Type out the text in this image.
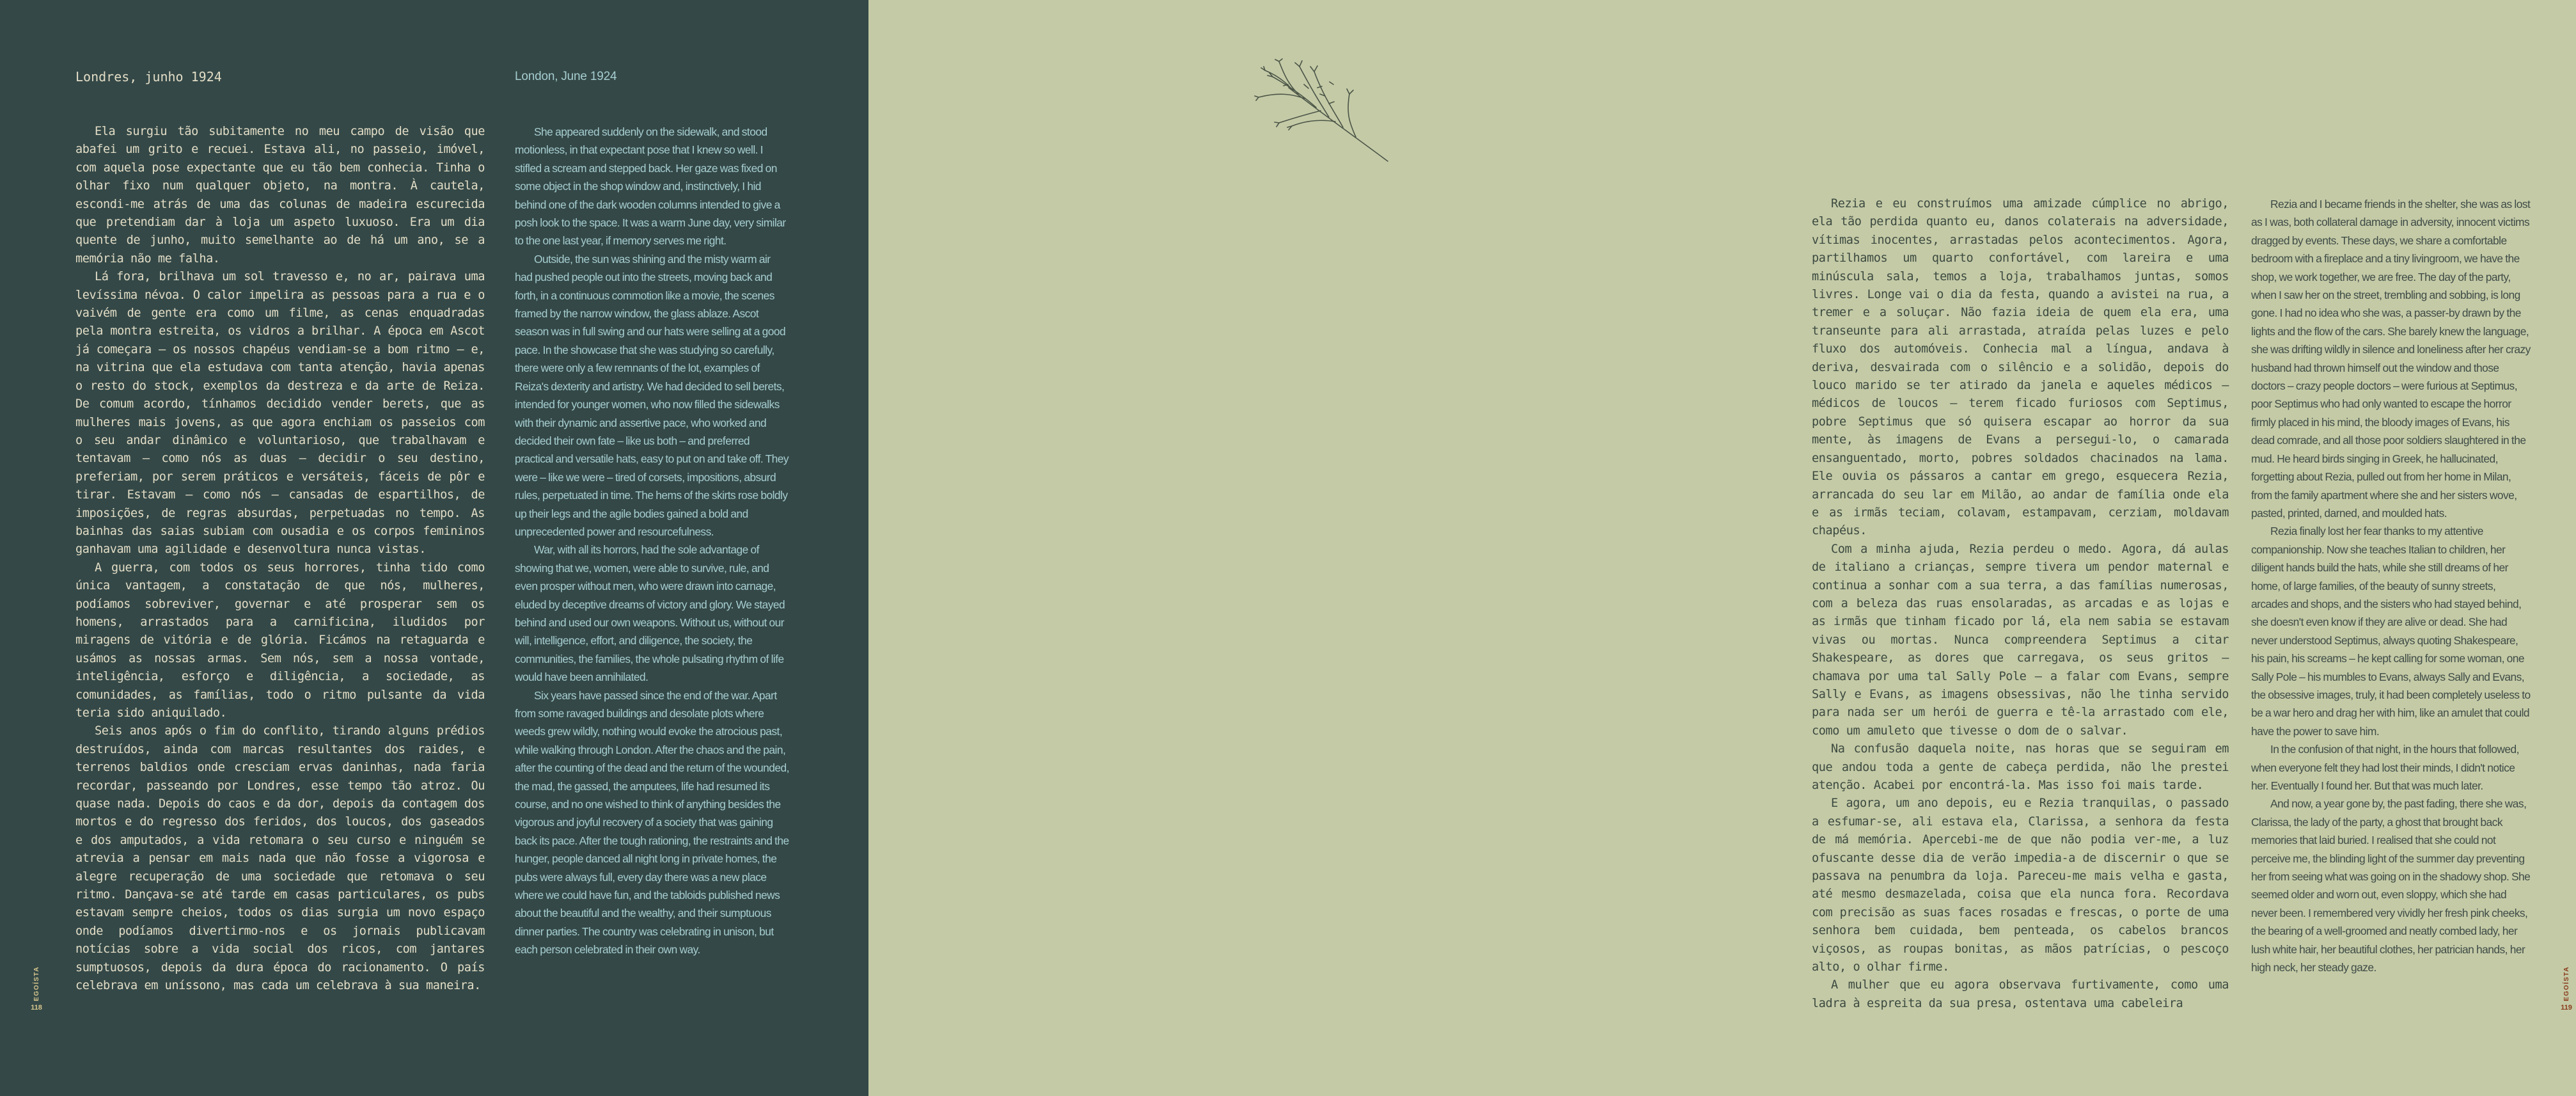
Londres, junho 1924	London, June 1924

Ela surgiu tão subitamente no meu campo de visão que abafei um grito e recuei. Estava ali, no passeio, imóvel, com aquela pose expectante que eu tão bem conhecia. Tinha o olhar fixo num qualquer objeto, na montra. À cautela, escondi-me atrás de uma das colunas de madeira escurecida que pretendiam dar à loja um aspeto luxuoso. Era um dia quente de junho, muito semelhante ao de há um ano, se a memória não me falha.

Lá fora, brilhava um sol travesso e, no ar, pairava uma levíssima névoa. O calor impelira as pessoas para a rua e o vaivém de gente era como um filme, as cenas enquadradas pela montra estreita, os vidros a brilhar. A época em Ascot já começara – os nossos chapéus vendiam-se a bom ritmo – e, na vitrina que ela estudava com tanta atenção, havia apenas o resto do stock, exemplos da destreza e da arte de Reiza. De comum acordo, tínhamos decidido vender berets, que as mulheres mais jovens, as que agora enchiam os passeios com o seu andar dinâmico e voluntarioso, que trabalhavam e tentavam – como nós as duas – decidir o seu destino, preferiam, por serem práticos e versáteis, fáceis de pôr e tirar. Estavam – como nós – cansadas de espartilhos, de imposições, de regras absurdas, perpetuadas no tempo. As bainhas das saias subiam com ousadia e os corpos femininos ganhavam uma agilidade e desenvoltura nunca vistas.

A guerra, com todos os seus horrores, tinha tido como única vantagem, a constatação de que nós, mulheres, podíamos sobreviver, governar e até prosperar sem os homens, arrastados para a carnificina, iludidos por miragens de vitória e de glória. Ficámos na retaguarda e usámos as nossas armas. Sem nós, sem a nossa vontade, inteligência, esforço e diligência, a sociedade, as comunidades, as famílias, todo o ritmo pulsante da vida teria sido aniquilado.

Seis anos após o fim do conflito, tirando alguns prédios destruídos, ainda com marcas resultantes dos raides, e terrenos baldios onde cresciam ervas daninhas, nada faria recordar, passeando por Londres, esse tempo tão atroz. Ou quase nada. Depois do caos e da dor, depois da contagem dos mortos e do regresso dos feridos, dos loucos, dos gaseados e dos amputados, a vida retomara o seu curso e ninguém se atrevia a pensar em mais nada que não fosse a vigorosa e alegre recuperação de uma sociedade que retomava o seu ritmo. Dançava-se até tarde em casas particulares, os pubs estavam sempre cheios, todos os dias surgia um novo espaço onde podíamos divertirmo-nos e os jornais publicavam notícias sobre a vida social dos ricos, com jantares sumptuosos, depois da dura época do racionamento. O país celebrava em uníssono, mas cada um celebrava à sua maneira.

She appeared suddenly on the sidewalk, and stood motionless, in that expectant pose that I knew so well. I stifled a scream and stepped back. Her gaze was fixed on some object in the shop window and, instinctively, I hid behind one of the dark wooden columns intended to give a posh look to the space. It was a warm June day, very similar to the one last year, if memory serves me right.

Outside, the sun was shining and the misty warm air had pushed people out into the streets, moving back and forth, in a continuous commotion like a movie, the scenes framed by the narrow window, the glass ablaze. Ascot season was in full swing and our hats were selling at a good pace. In the showcase that she was studying so carefully, there were only a few remnants of the lot, examples of Reiza's dexterity and artistry. We had decided to sell berets, intended for younger women, who now filled the sidewalks with their dynamic and assertive pace, who worked and decided their own fate – like us both – and preferred practical and versatile hats, easy to put on and take off. They were – like we were – tired of corsets, impositions, absurd rules, perpetuated in time. The hems of the skirts rose boldly up their legs and the agile bodies gained a bold and unprecedented power and resourcefulness.

War, with all its horrors, had the sole advantage of showing that we, women, were able to survive, rule, and even prosper without men, who were drawn into carnage, eluded by deceptive dreams of victory and glory. We stayed behind and used our own weapons. Without us, without our will, intelligence, effort, and diligence, the society, the communities, the families, the whole pulsating rhythm of life would have been annihilated.

Six years have passed since the end of the war. Apart from some ravaged buildings and desolate plots where weeds grew wildly, nothing would evoke the atrocious past, while walking through London. After the chaos and the pain, after the counting of the dead and the return of the wounded, the mad, the gassed, the amputees, life had resumed its course, and no one wished to think of anything besides the vigorous and joyful recovery of a society that was gaining back its pace. After the tough rationing, the restraints and the hunger, people danced all night long in private homes, the pubs were always full, every day there was a new place where we could have fun, and the tabloids published news about the beautiful and the wealthy, and their sumptuous dinner parties. The country was celebrating in unison, but each person celebrated in their own way.

EGOÍSTA
118

Rezia e eu construímos uma amizade cúmplice no abrigo, ela tão perdida quanto eu, danos colaterais na adversidade, vítimas inocentes, arrastadas pelos acontecimentos. Agora, partilhamos um quarto confortável, com lareira e uma minúscula sala, temos a loja, trabalhamos juntas, somos livres. Longe vai o dia da festa, quando a avistei na rua, a tremer e a soluçar. Não fazia ideia de quem ela era, uma transeunte para ali arrastada, atraída pelas luzes e pelo fluxo dos automóveis. Conhecia mal a língua, andava à deriva, desvairada com o silêncio e a solidão, depois do louco marido se ter atirado da janela e aqueles médicos – médicos de loucos – terem ficado furiosos com Septimus, pobre Septimus que só quisera escapar ao horror da sua mente, às imagens de Evans a persegui-lo, o camarada ensanguentado, morto, pobres soldados chacinados na lama. Ele ouvia os pássaros a cantar em grego, esquecera Rezia, arrancada do seu lar em Milão, ao andar de família onde ela e as irmãs teciam, colavam, estampavam, cerziam, moldavam chapéus.

Com a minha ajuda, Rezia perdeu o medo. Agora, dá aulas de italiano a crianças, sempre tivera um pendor maternal e continua a sonhar com a sua terra, a das famílias numerosas, com a beleza das ruas ensolaradas, as arcadas e as lojas e as irmãs que tinham ficado por lá, ela nem sabia se estavam vivas ou mortas. Nunca compreendera Septimus a citar Shakespeare, as dores que carregava, os seus gritos – chamava por uma tal Sally Pole – a falar com Evans, sempre Sally e Evans, as imagens obsessivas, não lhe tinha servido para nada ser um herói de guerra e tê-la arrastado com ele, como um amuleto que tivesse o dom de o salvar.

Na confusão daquela noite, nas horas que se seguiram em que andou toda a gente de cabeça perdida, não lhe prestei atenção. Acabei por encontrá-la. Mas isso foi mais tarde.

E agora, um ano depois, eu e Rezia tranquilas, o passado a esfumar-se, ali estava ela, Clarissa, a senhora da festa de má memória. Apercebi-me de que não podia ver-me, a luz ofuscante desse dia de verão impedia-a de discernir o que se passava na penumbra da loja. Pareceu-me mais velha e gasta, até mesmo desmazelada, coisa que ela nunca fora. Recordava com precisão as suas faces rosadas e frescas, o porte de uma senhora bem cuidada, bem penteada, os cabelos brancos viçosos, as roupas bonitas, as mãos patrícias, o pescoço alto, o olhar firme.

A mulher que eu agora observava furtivamente, como uma ladra à espreita da sua presa, ostentava uma cabeleira

Rezia and I became friends in the shelter, she was as lost as I was, both collateral damage in adversity, innocent victims dragged by events. These days, we share a comfortable bedroom with a fireplace and a tiny livingroom, we have the shop, we work together, we are free. The day of the party, when I saw her on the street, trembling and sobbing, is long gone. I had no idea who she was, a passer-by drawn by the lights and the flow of the cars. She barely knew the language, she was drifting wildly in silence and loneliness after her crazy husband had thrown himself out the window and those doctors – crazy people doctors – were furious at Septimus, poor Septimus who had only wanted to escape the horror firmly placed in his mind, the bloody images of Evans, his dead comrade, and all those poor soldiers slaughtered in the mud. He heard birds singing in Greek, he hallucinated, forgetting about Rezia, pulled out from her home in Milan, from the family apartment where she and her sisters wove, pasted, printed, darned, and moulded hats.

Rezia finally lost her fear thanks to my attentive companionship. Now she teaches Italian to children, her diligent hands build the hats, while she still dreams of her home, of large families, of the beauty of sunny streets, arcades and shops, and the sisters who had stayed behind, she doesn't even know if they are alive or dead. She had never understood Septimus, always quoting Shakespeare, his pain, his screams – he kept calling for some woman, one Sally Pole – his mumbles to Evans, always Sally and Evans, the obsessive images, truly, it had been completely useless to be a war hero and drag her with him, like an amulet that could have the power to save him.

In the confusion of that night, in the hours that followed, when everyone felt they had lost their minds, I didn't notice her. Eventually I found her. But that was much later.

And now, a year gone by, the past fading, there she was, Clarissa, the lady of the party, a ghost that brought back memories that laid buried. I realised that she could not perceive me, the blinding light of the summer day preventing her from seeing what was going on in the shadowy shop. She seemed older and worn out, even sloppy, which she had never been. I remembered very vividly her fresh pink cheeks, the bearing of a well-groomed and neatly combed lady, her lush white hair, her beautiful clothes, her patrician hands, her high neck, her steady gaze.	EGOÍSTA
119
